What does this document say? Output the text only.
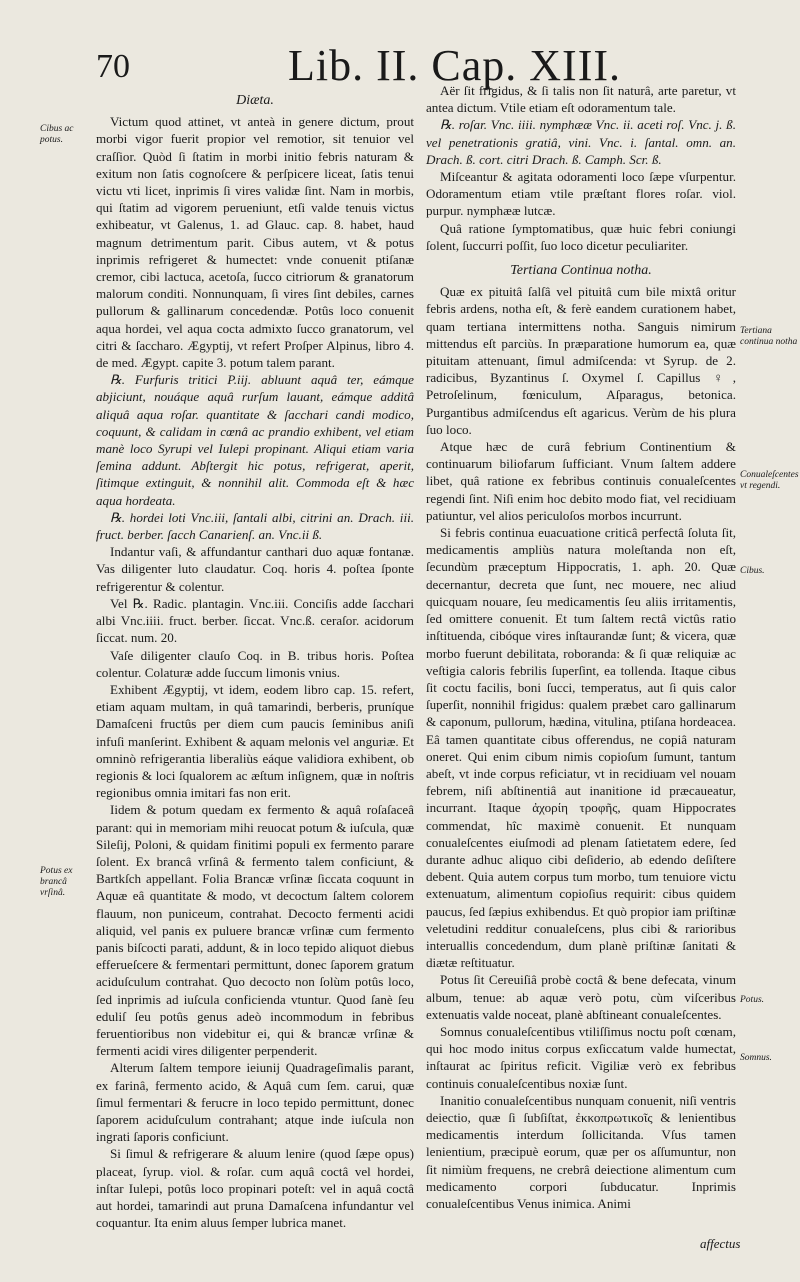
70	Lib. II. Cap. XIII.
Cibus ac potus.
Potus ex brancâ vrſinâ.
Tertiana continua notha
Conualeſcentes vt regendi.
Cibus.
Potus.
Somnus.

Diæta.

Victum quod attinet, vt anteà in genere dictum, prout morbi vigor fuerit propior vel remotior, sit tenuior vel craſſior. Quòd ſi ſtatim in morbi initio febris naturam & exitum non ſatis cognoſcere & perſpicere liceat, ſatis tenui victu vti licet, inprimis ſi vires validæ ſint. Nam in morbis, qui ſtatim ad vigorem perueniunt, etſi valde tenuis victus exhibeatur, vt Galenus, 1. ad Glauc. cap. 8. habet, haud magnum detrimentum parit. Cibus autem, vt & potus inprimis refrigeret & humectet: vnde conuenit ptiſanæ cremor, cibi lactuca, acetoſa, ſucco citriorum & granatorum malorum conditi. Nonnunquam, ſi vires ſint debiles, carnes pullorum & gallinarum concedendæ. Potûs loco conuenit aqua hordei, vel aqua cocta admixto ſucco granatorum, vel citri & ſaccharo. Ægyptij, vt refert Proſper Alpinus, libro 4. de med. Ægypt. capite 3. potum talem parant.

℞. Furfuris tritici P.iij. abluunt aquâ ter, eámque abjiciunt, nouáque aquâ rurſum lauant, eámque additâ aliquâ aqua roſar. quantitate & ſacchari candi modico, coquunt, & calidam in cœnâ ac prandio exhibent, vel etiam manè loco Syrupi vel Iulepi propinant. Aliqui etiam varia ſemina addunt. Abſtergit hic potus, refrigerat, aperit, ſitimque extinguit, & nonnihil alit. Commoda eſt & hæc aqua hordeata.

℞. hordei loti Vnc.iii, ſantali albi, citrini an. Drach. iii. fruct. berber. ſacch Canarienſ. an. Vnc.ii ß.

Indantur vaſi, & affundantur canthari duo aquæ fontanæ. Vas diligenter luto claudatur. Coq. horis 4. poſtea ſponte refrigerentur & colentur.

Vel ℞. Radic. plantagin. Vnc.iii. Conciſis adde ſacchari albi Vnc.iiii. fruct. berber. ſiccat. Vnc.ß. ceraſor. acidorum ſiccat. num. 20.

Vaſe diligenter clauſo Coq. in B. tribus horis. Poſtea colentur. Colaturæ adde ſuccum limonis vnius.

Exhibent Ægyptij, vt idem, eodem libro cap. 15. refert, etiam aquam multam, in quâ tamarindi, berberis, pruníque Damaſceni fructûs per diem cum paucis ſeminibus aniſi infuſi manſerint. Exhibent & aquam melonis vel anguriæ. Et omninò refrigerantia liberaliùs eáque validiora exhibent, ob regionis & loci ſqualorem ac æſtum inſignem, quæ in noſtris regionibus omnia imitari fas non erit.

Iidem & potum quedam ex fermento & aquâ roſaſaceâ parant: qui in memoriam mihi reuocat potum & iuſcula, quæ Sileſij, Poloni, & quidam finitimi populi ex fermento parare ſolent. Ex brancâ vrſinâ & fermento talem conficiunt, & Bartkſch appellant. Folia Brancæ vrſinæ ſiccata coquunt in Aquæ eâ quantitate & modo, vt decoctum ſaltem colorem flauum, non puniceum, contrahat. Decocto fermenti acidi aliquid, vel panis ex puluere brancæ vrſinæ cum fermento panis biſcocti parati, addunt, & in loco tepido aliquot diebus efferueſcere & fermentari permittunt, donec ſaporem gratum aciduſculum contrahat. Quo decocto non ſolùm potûs loco, ſed inprimis ad iuſcula conficienda vtuntur. Quod ſanè ſeu eduliſ ſeu potûs genus adeò incommodum in febribus feruentioribus non videbitur ei, qui & brancæ vrſinæ & fermenti acidi vires diligenter perpenderit.

Alterum ſaltem tempore ieiunij Quadrageſimalis parant, ex farinâ, fermento acido, & Aquâ cum ſem. carui, quæ ſimul fermentari & ferucre in loco tepido permittunt, donec ſaporem aciduſculum contrahant; atque inde iuſcula non ingrati ſaporis conficiunt.

Si ſimul & refrigerare & aluum lenire (quod ſæpe opus) placeat, ſyrup. viol. & roſar. cum aquâ coctâ vel hordei, inſtar Iulepi, potûs loco propinari poteſt: vel in aquâ coctâ aut hordei, tamarindi aut pruna Damaſcena infundantur vel coquantur. Ita enim aluus ſemper lubrica manet.

Aër ſit frigidus, & ſi talis non ſit naturâ, arte paretur, vt antea dictum. Vtile etiam eſt odoramentum tale.

℞. roſar. Vnc. iiii. nymphææ Vnc. ii. aceti roſ. Vnc. j. ß. vel penetrationis gratiâ, vini. Vnc. i. ſantal. omn. an. Drach. ß. cort. citri Drach. ß. Camph. Scr. ß.

Miſceantur & agitata odoramenti loco ſæpe vſurpentur. Odoramentum etiam vtile præſtant flores roſar. viol. purpur. nymphææ lutcæ.

Quâ ratione ſymptomatibus, quæ huic febri coniungi ſolent, ſuccurri poſſit, ſuo loco dicetur peculiariter.

Tertiana Continua notha.

Quæ ex pituitâ ſalſâ vel pituitâ cum bile mixtâ oritur febris ardens, notha eſt, & ferè eandem curationem habet, quam tertiana intermittens notha. Sanguis nimirum mittendus eſt parciùs. In præparatione humorum ea, quæ pituitam attenuant, ſimul admiſcenda: vt Syrup. de 2. radicibus, Byzantinus ſ. Oxymel ſ. Capillus ♀, Petroſelinum, fœniculum, Aſparagus, betonica. Purgantibus admiſcendus eſt agaricus. Verùm de his plura ſuo loco.

Atque hæc de curâ febrium Continentium & continuarum biliofarum ſufficiant. Vnum ſaltem addere libet, quâ ratione ex febribus continuis conualeſcentes regendi ſint. Niſi enim hoc debito modo fiat, vel recidiuam patiuntur, vel alios periculoſos morbos incurrunt.

Si febris continua euacuatione criticâ perfectâ ſoluta ſit, medicamentis ampliùs natura moleſtanda non eſt, ſecundùm præceptum Hippocratis, 1. aph. 20. Quæ decernantur, decreta que ſunt, nec mouere, nec aliud quicquam nouare, ſeu medicamentis ſeu aliis irritamentis, ſed omittere conuenit. Et tum ſaltem rectâ victûs ratio inſtituenda, cibóque vires inſtaurandæ ſunt; & vicera, quæ morbo fuerunt debilitata, roboranda: & ſi quæ reliquiæ ac veſtigia caloris febrilis ſuperſint, ea tollenda. Itaque cibus ſit coctu facilis, boni ſucci, temperatus, aut ſi quis calor ſuperſit, nonnihil frigidus: qualem præbet caro gallinarum & caponum, pullorum, hædina, vitulina, ptiſana hordeacea. Eâ tamen quantitate cibus offerendus, ne copiâ naturam oneret. Qui enim cibum nimis copioſum ſumunt, tantum abeſt, vt inde corpus reficiatur, vt in recidiuam vel nouam febrem, niſi abſtinentiâ aut inanitione id præcaueatur, incurrant. Itaque ἀχορίη τροφῆς, quam Hippocrates commendat, hîc maximè conuenit. Et nunquam conualeſcentes eiuſmodi ad plenam ſatietatem edere, ſed durante adhuc aliquo cibi deſiderio, ab edendo deſiſtere debent. Quia autem corpus tum morbo, tum tenuiore victu extenuatum, alimentum copioſius requirit: cibus quidem paucus, ſed ſæpius exhibendus. Et quò propior iam priſtinæ veletudini redditur conualeſcens, plus cibi & rarioribus interuallis concedendum, dum planè priſtinæ ſanitati & diætæ reſtituatur.

Potus ſit Cereuiſiâ probè coctâ & bene defecata, vinum album, tenue: ab aquæ verò potu, cùm viſceribus extenuatis valde noceat, planè abſtineant conualeſcentes.

Somnus conualeſcentibus vtiliſſimus noctu poſt cœnam, qui hoc modo initus corpus exſiccatum valde humectat, inſtaurat ac ſpiritus reficit. Vigiliæ verò ex febribus continuis conualeſcentibus noxiæ ſunt.

Inanitio conualeſcentibus nunquam conuenit, niſi ventris deiectio, quæ ſi ſubſiſtat, ἐκκοπρωτικοῖς & lenientibus medicamentis interdum ſollicitanda. Vſus tamen lenientium, præcipuè eorum, quæ per os aſſumuntur, non ſit nimiùm frequens, ne crebrâ deiectione alimentum cum medicamento corpori ſubducatur. Inprimis conualeſcentibus Venus inimica. Animi

affectus
